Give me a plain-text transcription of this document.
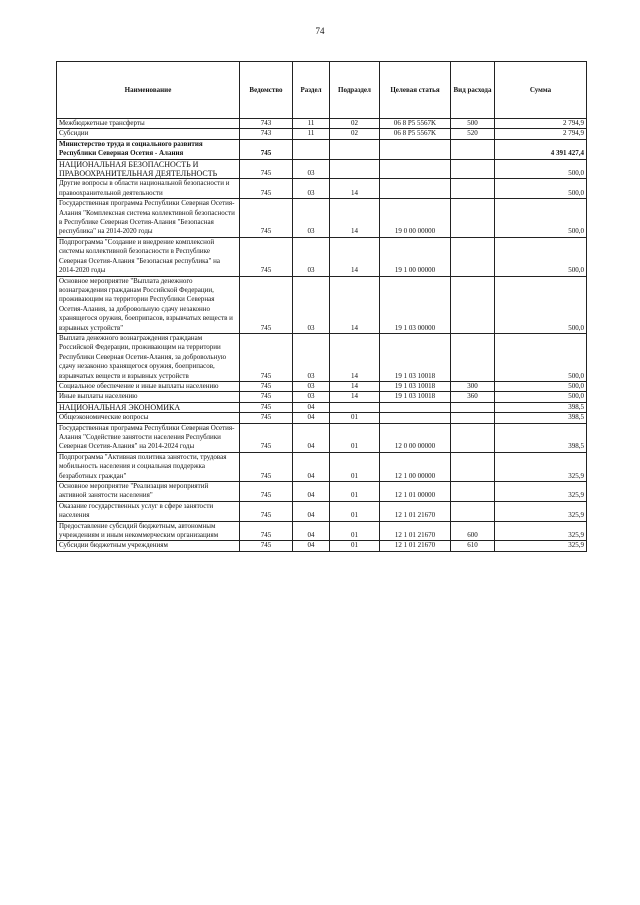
74
Наименование	Ведомство	Раздел	Подраздел	Целевая статья	Вид расхода	Сумма
Межбюджетные трансферты	743	11	02	06 8 P5 5567K	500	2 794,9
Субсидии	743	11	02	06 8 P5 5567K	520	2 794,9
Министерство труда и социального развития Республики Северная Осетия - Алания	745					4 391 427,4
НАЦИОНАЛЬНАЯ БЕЗОПАСНОСТЬ И ПРАВООХРАНИТЕЛЬНАЯ ДЕЯТЕЛЬНОСТЬ	745	03				500,0
Другие вопросы в области национальной безопасности и правоохранительной деятельности	745	03	14			500,0
Государственная программа Республики Северная Осетия-Алания "Комплексная система коллективной безопасности в Республике Северная Осетия-Алания "Безопасная республика" на 2014-2020 годы	745	03	14	19 0 00 00000		500,0
Подпрограмма "Создание и внедрение комплексной системы коллективной безопасности в Республике Северная Осетия-Алания "Безопасная республика" на 2014-2020 годы	745	03	14	19 1 00 00000		500,0
Основное мероприятие "Выплата денежного вознаграждения гражданам Российской Федерации, проживающим на территории Республики Северная Осетия-Алания, за добровольную сдачу незаконно хранящегося оружия, боеприпасов, взрывчатых веществ и взрывных устройств"	745	03	14	19 1 03 00000		500,0
Выплата денежного вознаграждения гражданам Российской Федерации, проживающим на территории Республики Северная Осетия-Алания, за добровольную сдачу незаконно хранящегося оружия, боеприпасов, взрывчатых веществ и взрывных устройств	745	03	14	19 1 03 10018		500,0
Социальное обеспечение и иные выплаты населению	745	03	14	19 1 03 10018	300	500,0
Иные выплаты населению	745	03	14	19 1 03 10018	360	500,0
НАЦИОНАЛЬНАЯ ЭКОНОМИКА	745	04				398,5
Общеэкономические вопросы	745	04	01			398,5
Государственная программа Республики Северная Осетия-Алания "Содействие занятости населения Республики Северная Осетия-Алания" на 2014-2024 годы	745	04	01	12 0 00 00000		398,5
Подпрограмма "Активная политика занятости, трудовая мобильность населения и социальная поддержка безработных граждан"	745	04	01	12 1 00 00000		325,9
Основное мероприятие "Реализация мероприятий активной занятости населения"	745	04	01	12 1 01 00000		325,9
Оказание государственных услуг в сфере занятости населения	745	04	01	12 1 01 21670		325,9
Предоставление субсидий бюджетным, автономным учреждениям и иным некоммерческим организациям	745	04	01	12 1 01 21670	600	325,9
Субсидии бюджетным учреждениям	745	04	01	12 1 01 21670	610	325,9
